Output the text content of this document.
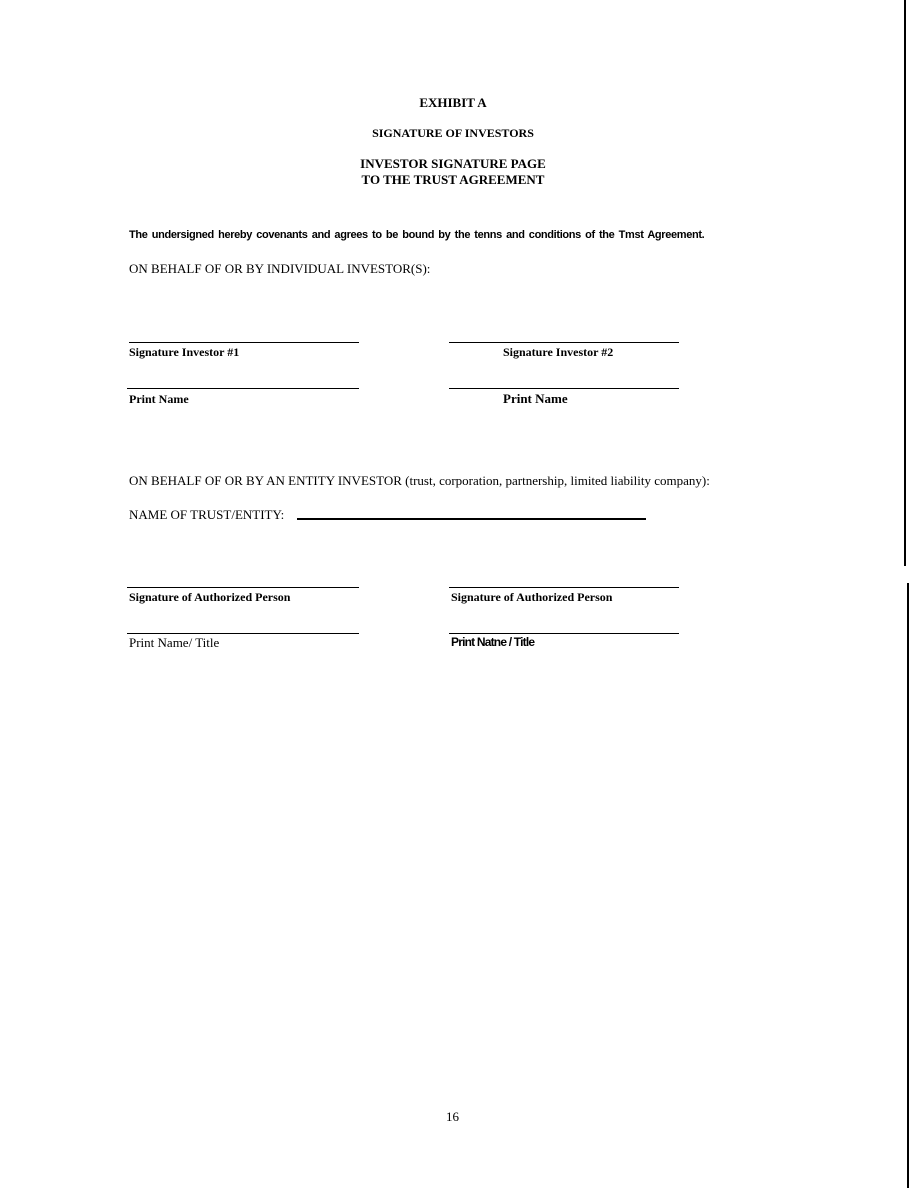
EXHIBIT A
SIGNATURE OF INVESTORS
INVESTOR SIGNATURE PAGE
TO THE TRUST AGREEMENT
The undersigned hereby covenants and agrees to be bound by the tenns and conditions of the Tmst Agreement.
ON BEHALF OF OR BY INDIVIDUAL INVESTOR(S):
Signature Investor #1	Signature Investor #2
Print Name	Print Name
ON BEHALF OF OR BY AN ENTITY INVESTOR (trust, corporation, partnership, limited liability company):
NAME OF TRUST/ENTITY:
Signature of Authorized Person	Signature of Authorized Person
Print Name/ Title	Print Natne / Title
16
